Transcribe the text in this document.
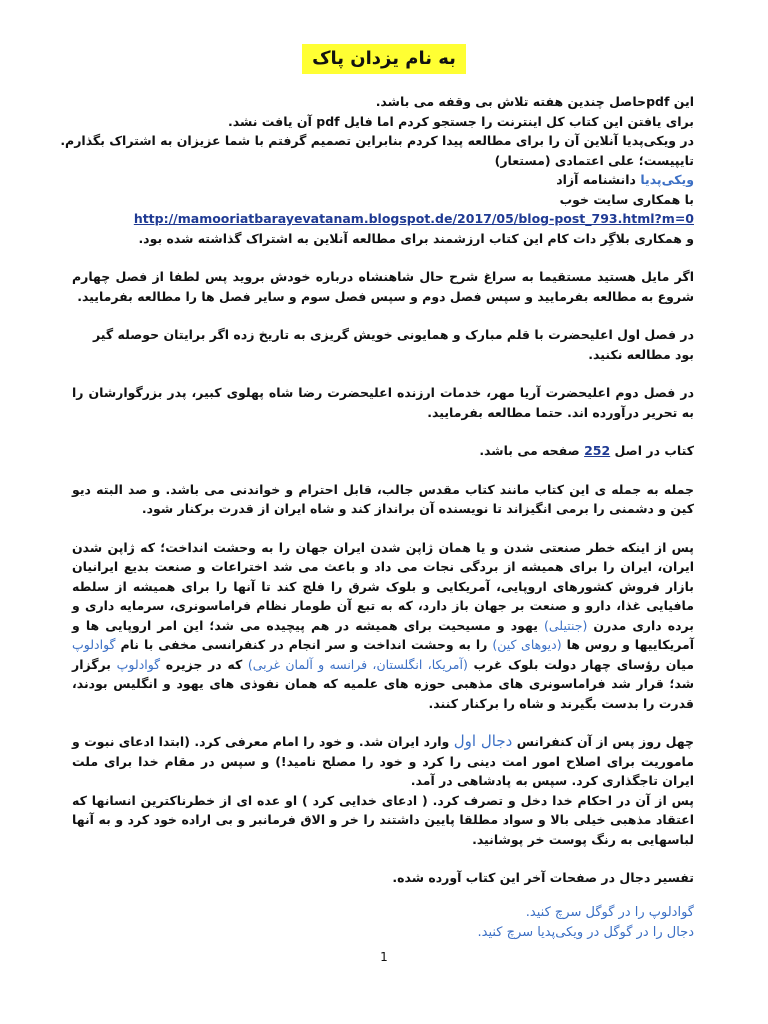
به نام یزدان پاک
این pdfحاصل چندین هفته تلاش بی وقفه می باشد.
برای یافتن این کتاب کل اینترنت را جستجو کردم اما فایل pdf آن یافت نشد.
در ویکی‌پدیا آنلاین آن را برای مطالعه پیدا کردم بنابراین تصمیم گرفتم با شما عزیزان به اشتراک بگذارم.
تایپیست؛ علی اعتمادی (مستعار)
ویکی‌پدیا دانشنامه آزاد
با همکاری سایت خوب
http://mamooriatbarayevatanam.blogspot.de/2017/05/blog-post_793.html?m=0
و همکاری بلاگِر دات کام این کتاب ارزشمند برای مطالعه آنلاین به اشتراک گذاشته شده بود.

اگر مایل هستید مستقیما به سراغ شرح حال شاهنشاه درباره خودش بروید پس لطفا از فصل چهارم شروع به مطالعه بفرمایید و سپس فصل دوم و سپس فصل سوم و سایر فصل ها را مطالعه بفرمایید.

در فصل اول اعلیحضرت با قلم مبارک و همایونی خویش گریزی به تاریخ زده اگر برایتان حوصله گیر بود مطالعه نکنید.

در فصل دوم اعلیحضرت آریا مهر، خدمات ارزنده اعلیحضرت رضا شاه پهلوی کبیر، پدر بزرگوارشان را به تحریر درآورده اند. حتما مطالعه بفرمایید.

کتاب در اصل 252 صفحه می باشد.

جمله به جمله ی این کتاب مانند کتاب مقدس جالب، قابل احترام و خواندنی می باشد. و صد البته دیو کین و دشمنی را برمی انگیزاند تا نویسنده آن برانداز کند و شاه ایران از قدرت برکنار شود.

پس از اینکه خطر صنعتی شدن و یا همان ژاپن شدن ایران جهان را به وحشت انداخت؛ که ژاپن شدن ایران، ایران را برای همیشه از بردگی نجات می داد و باعث می شد اختراعات و صنعت بدیع ایرانیان بازار فروش کشورهای اروپایی، آمریکایی و بلوک شرق را فلج کند تا آنها را برای همیشه از سلطه مافیایی غذا، دارو و صنعت بر جهان باز دارد، که به تبع آن طومار نظام فراماسونری، سرمایه داری و برده داری مدرن (جنتیلی) یهود و مسیحیت برای همیشه در هم پیچیده می شد؛ این امر اروپایی ها و آمریکاییها و روس ها (دیوهای کین) را به وحشت انداخت و سر انجام در کنفرانسی مخفی با نام گوادلوپ میان رؤسای چهار دولت بلوک غرب (آمریکا، انگلستان، فرانسه و آلمان غربی) که در جزیره گوادلوپ برگزار شد؛ قرار شد فراماسونری های مذهبی حوزه های علمیه که همان نفوذی های یهود و انگلیس بودند، قدرت را بدست بگیرند و شاه را برکنار کنند.

چهل روز پس از آن کنفرانس دجال اول وارد ایران شد. و خود را امام معرفی کرد. (ابتدا ادعای نبوت و ماموریت برای اصلاح امور امت دینی را کرد و خود را مصلح نامید!) و سپس در مقام خدا برای ملت ایران تاجگذاری کرد. سپس به پادشاهی در آمد.

پس از آن در احکام خدا دخل و تصرف کرد. ( ادعای خدایی کرد ) او عده ای از خطرناکترین انسانها که اعتقاد مذهبی خیلی بالا و سواد مطلقا پایین داشتند را خر و الاق فرمانبر و بی اراده خود کرد و به آنها لباسهایی به رنگ پوست خر پوشانید.

تفسیر دجال در صفحات آخر این کتاب آورده شده.

گوادلوپ را در گوگل سرچ کنید.
دجال را در گوگل در ویکی‌پدیا سرچ کنید.
1
